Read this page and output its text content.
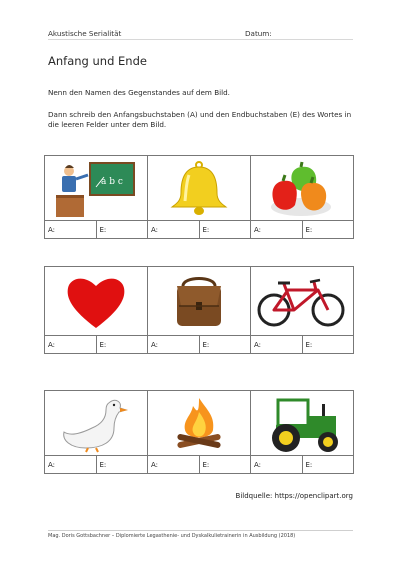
Akustische Serialität	Datum:
Anfang und Ende
Nenn den Namen des Gegenstandes auf dem Bild.
Dann schreib den Anfangsbuchstaben (A) und den Endbuchstaben (E) des Wortes in die leeren Felder unter dem Bild.
a b c
A:	E:	A:	E:	A:	E:
A:	E:	A:	E:	A:	E:
A:	E:	A:	E:	A:	E:
Bildquelle: https://openclipart.org
Mag. Doris Gottsbachner – Diplomierte Legasthenie- und Dyskalkulietrainerin in Ausbildung (2018)
